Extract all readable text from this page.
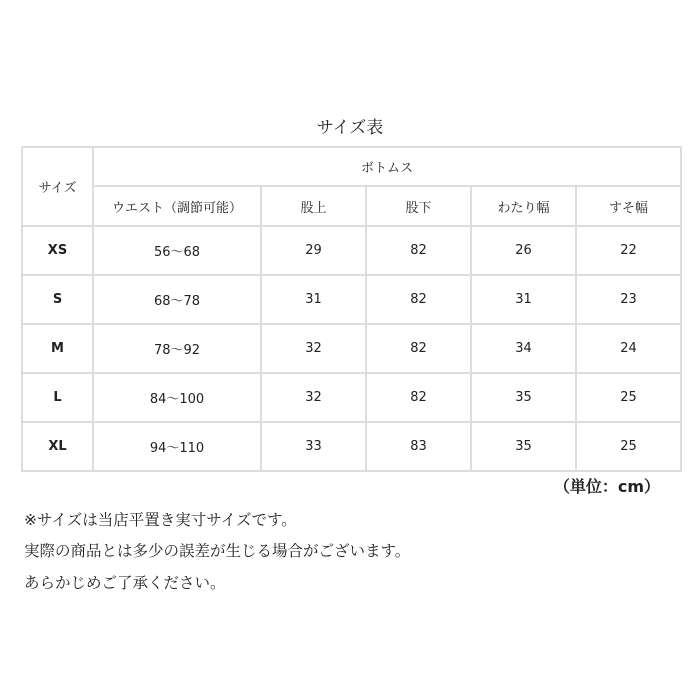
サイズ表
サイズ	ボトムス				
	ウエスト（調節可能）	股上	股下	わたり幅	すそ幅
XS	56～68	29	82	26	22
S	68～78	31	82	31	23
M	78～92	32	82	34	24
L	84～100	32	82	35	25
XL	94～110	33	83	35	25
（単位：cm）
※サイズは当店平置き実寸サイズです。
実際の商品とは多少の誤差が生じる場合がございます。
あらかじめご了承ください。
